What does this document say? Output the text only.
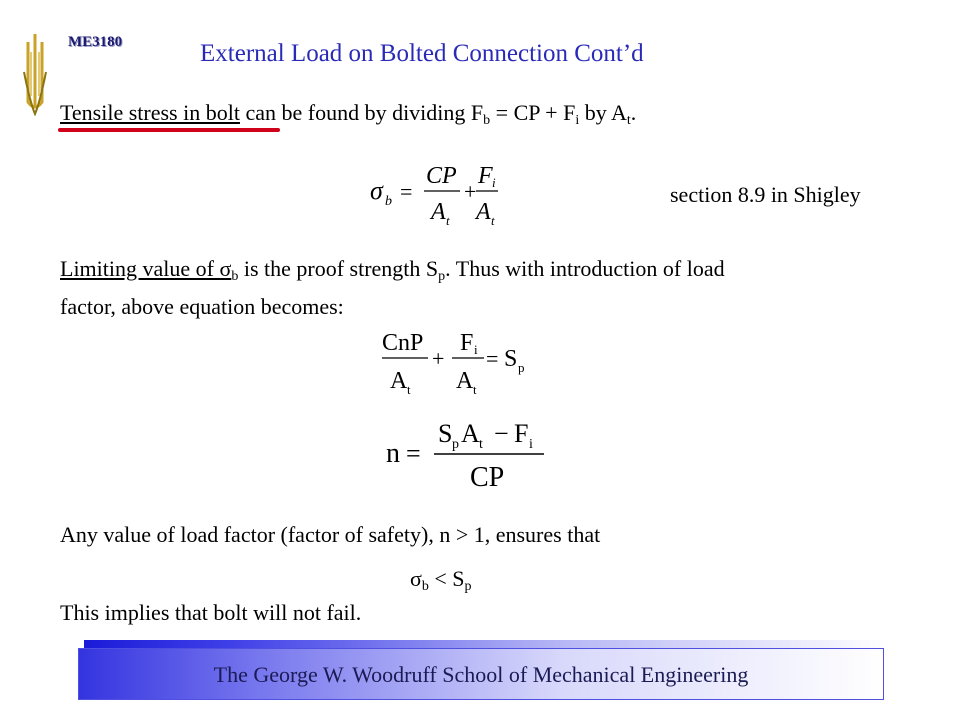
ME3180	External Load on Bolted Connection Cont’d
Tensile stress in bolt can be found by dividing $F_b$ = CP + $F_i$ by $A_t$.
σ b =
CP
A t
+
F i
A t
section 8.9 in Shigley
Limiting value of $\sigma_b$ is the proof strength $S_p$. Thus with introduction of load
factor, above equation becomes:
CnP
A t
+
F i
A t
= S p
n =
S p A t − F i
CP
Any value of load factor (factor of safety), n > 1, ensures that
$\sigma_b < S_p$
This implies that bolt will not fail.
The George W. Woodruff School of Mechanical Engineering
